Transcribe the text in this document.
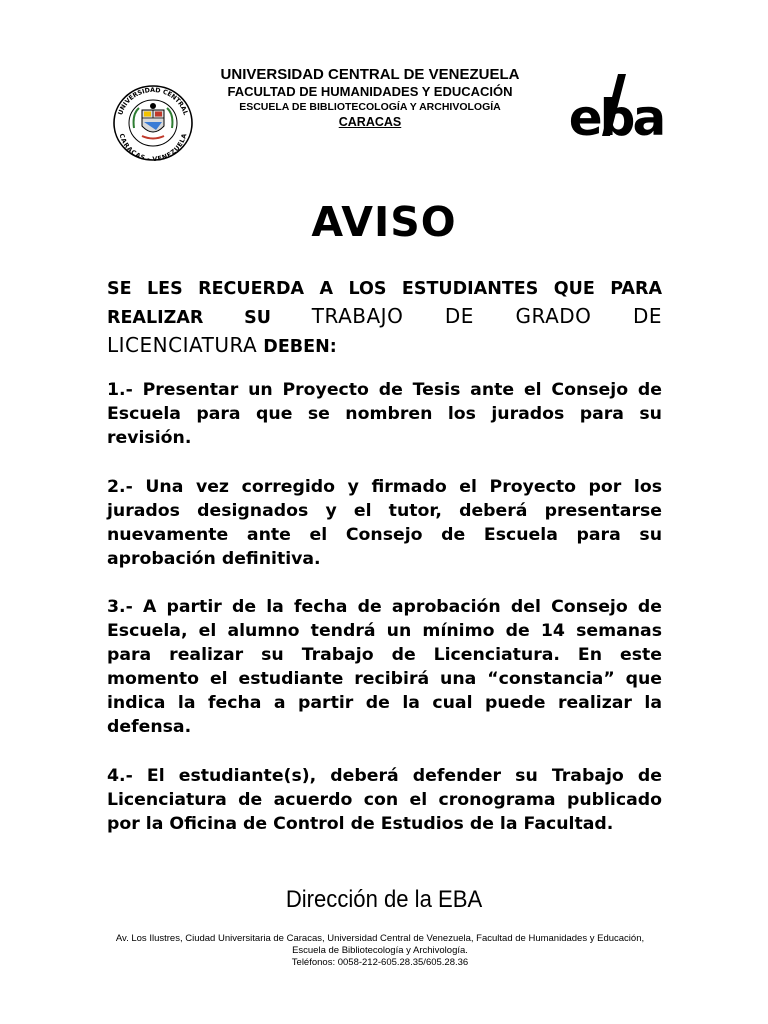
UNIVERSIDAD CENTRAL DE VENEZUELA
FACULTAD DE HUMANIDADES Y EDUCACIÓN
ESCUELA DE BIBLIOTECOLOGÍA Y ARCHIVOLOGÍA
CARACAS
UNIVERSIDAD CENTRAL
CARACAS - VENEZUELA	eba
AVISO
SE LES RECUERDA A LOS ESTUDIANTES QUE PARA
REALIZAR SU TRABAJO DE GRADO DE
LICENCIATURA DEBEN:
1.- Presentar un Proyecto de Tesis ante el Consejo de Escuela para que se nombren los jurados para su revisión.
2.- Una vez corregido y firmado el Proyecto por los jurados designados y el tutor, deberá presentarse nuevamente ante el Consejo de Escuela para su aprobación definitiva.
3.- A partir de la fecha de aprobación del Consejo de Escuela, el alumno tendrá un mínimo de 14 semanas para realizar su Trabajo de Licenciatura. En este momento el estudiante recibirá una “constancia” que indica la fecha a partir de la cual puede realizar la defensa.
4.- El estudiante(s), deberá defender su Trabajo de Licenciatura de acuerdo con el cronograma publicado por la Oficina de Control de Estudios de la Facultad.
Dirección de la EBA
Av. Los Ilustres, Ciudad Universitaria de Caracas, Universidad Central de Venezuela, Facultad de Humanidades y Educación,
Escuela de Bibliotecología y Archivología.
Teléfonos: 0058-212-605.28.35/605.28.36
